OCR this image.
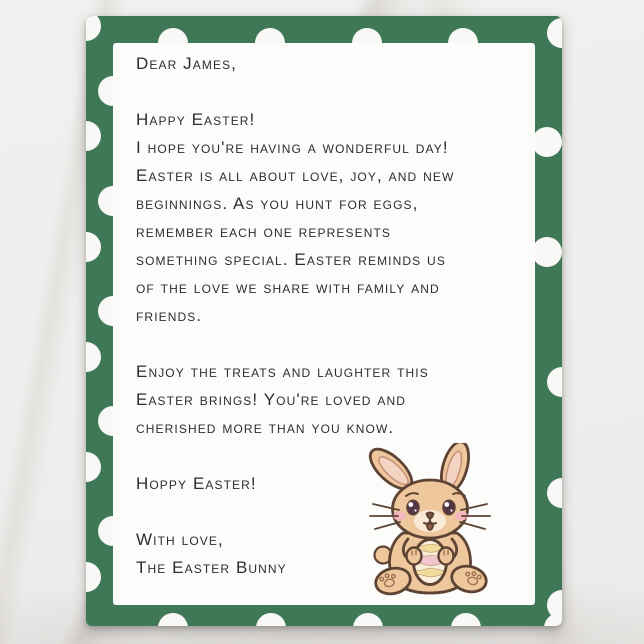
Dear James,
Happy Easter!
I hope you're having a wonderful day!
Easter is all about love, joy, and new
beginnings. As you hunt for eggs,
remember each one represents
something special. Easter reminds us
of the love we share with family and
friends.
Enjoy the treats and laughter this
Easter brings! You're loved and
cherished more than you know.
Hoppy Easter!
With love,
The Easter Bunny
